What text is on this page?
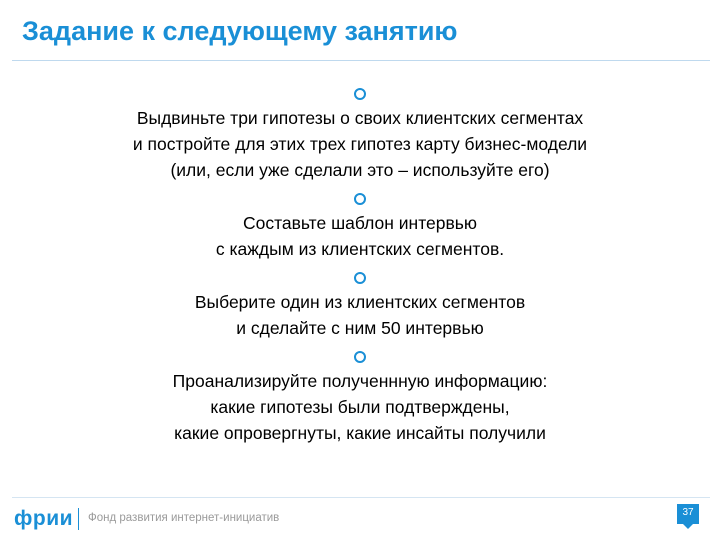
Задание к следующему занятию
Выдвиньте три гипотезы о своих клиентских сегментах
и постройте для этих трех гипотез карту бизнес-модели
(или, если уже сделали это – используйте его)
Составьте шаблон интервью
с каждым из клиентских сегментов.
Выберите один из клиентских сегментов
и сделайте с ним 50 интервью
Проанализируйте полученнную информацию:
какие гипотезы были подтверждены,
какие опровергнуты, какие инсайты получили
фрии Фонд развития интернет-инициатив	37
